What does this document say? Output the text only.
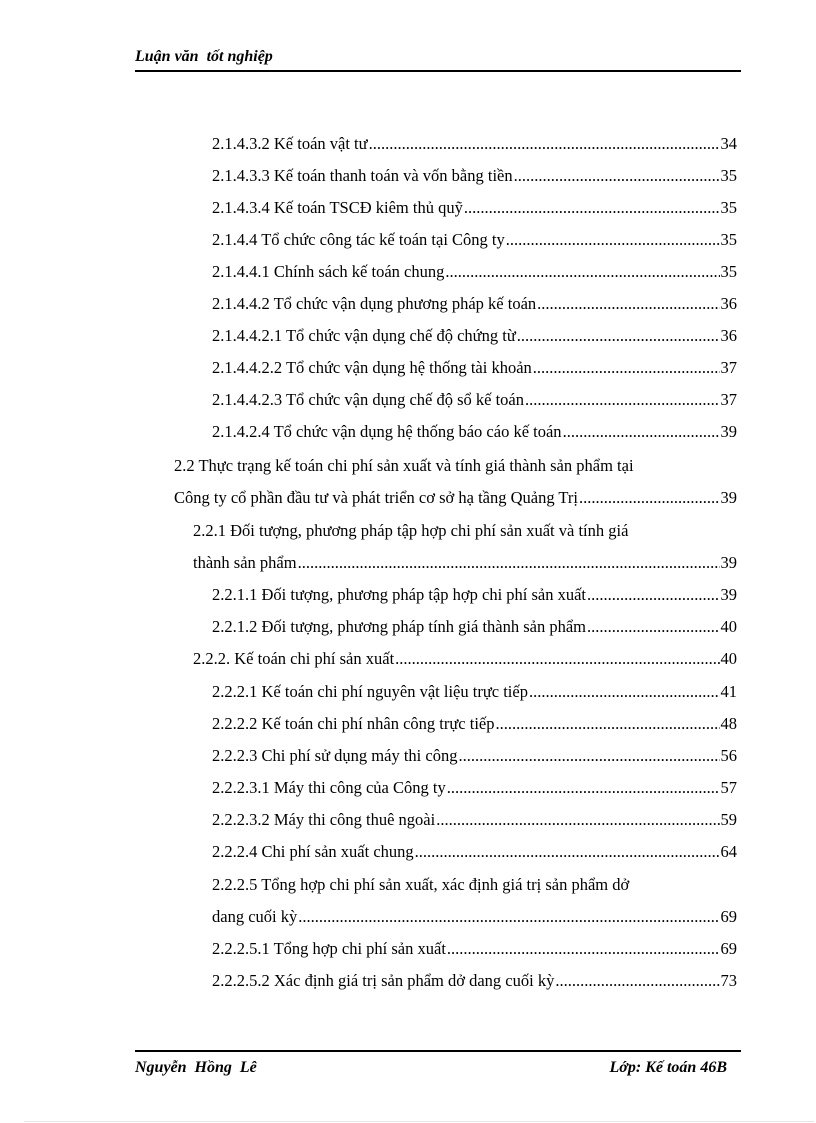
Luận văn  tốt nghiệp
2.1.4.3.2 Kế toán vật tư .....	34
2.1.4.3.3 Kế toán thanh toán và vốn bằng tiền .....	35
2.1.4.3.4 Kế toán TSCĐ kiêm thủ quỹ .....	35
2.1.4.4 Tổ chức công tác kế toán tại Công ty .....	35
2.1.4.4.1 Chính sách kế toán chung .....	35
2.1.4.4.2 Tổ chức vận dụng phương pháp kế toán .....	36
2.1.4.4.2.1 Tổ chức vận dụng chế độ chứng từ .....	36
2.1.4.4.2.2 Tổ chức vận dụng hệ thống tài khoản .....	37
2.1.4.4.2.3 Tổ chức vận dụng chế độ sổ kế toán .....	37
2.1.4.2.4 Tổ chức vận dụng hệ thống báo cáo kế toán .....	39
2.2 Thực trạng kế toán chi phí sản xuất và tính giá thành sản phẩm tại
Công ty cổ phần đầu tư và phát triển cơ sở hạ tầng Quảng Trị .....	39
2.2.1 Đối tượng, phương pháp tập hợp chi phí sản xuất và tính giá
thành sản phẩm .....	39
2.2.1.1 Đối tượng, phương pháp tập hợp chi phí sản xuất .....	39
2.2.1.2 Đối tượng, phương pháp tính giá thành sản phẩm .....	40
2.2.2. Kế toán chi phí sản xuất .....	40
2.2.2.1 Kế toán chi phí nguyên vật liệu trực tiếp .....	41
2.2.2.2 Kế toán chi phí nhân công trực tiếp .....	48
2.2.2.3 Chi phí sử dụng máy thi công .....	56
2.2.2.3.1 Máy thi công của Công ty .....	57
2.2.2.3.2 Máy thi công thuê ngoài .....	59
2.2.2.4 Chi phí sản xuất chung .....	64
2.2.2.5 Tổng hợp chi phí sản xuất, xác định giá trị sản phẩm dở
dang cuối kỳ .....	69
2.2.2.5.1 Tổng hợp chi phí sản xuất .....	69
2.2.2.5.2 Xác định giá trị sản phẩm dở dang cuối kỳ .....	73
Nguyễn  Hồng  Lê	Lớp: Kế toán 46B
